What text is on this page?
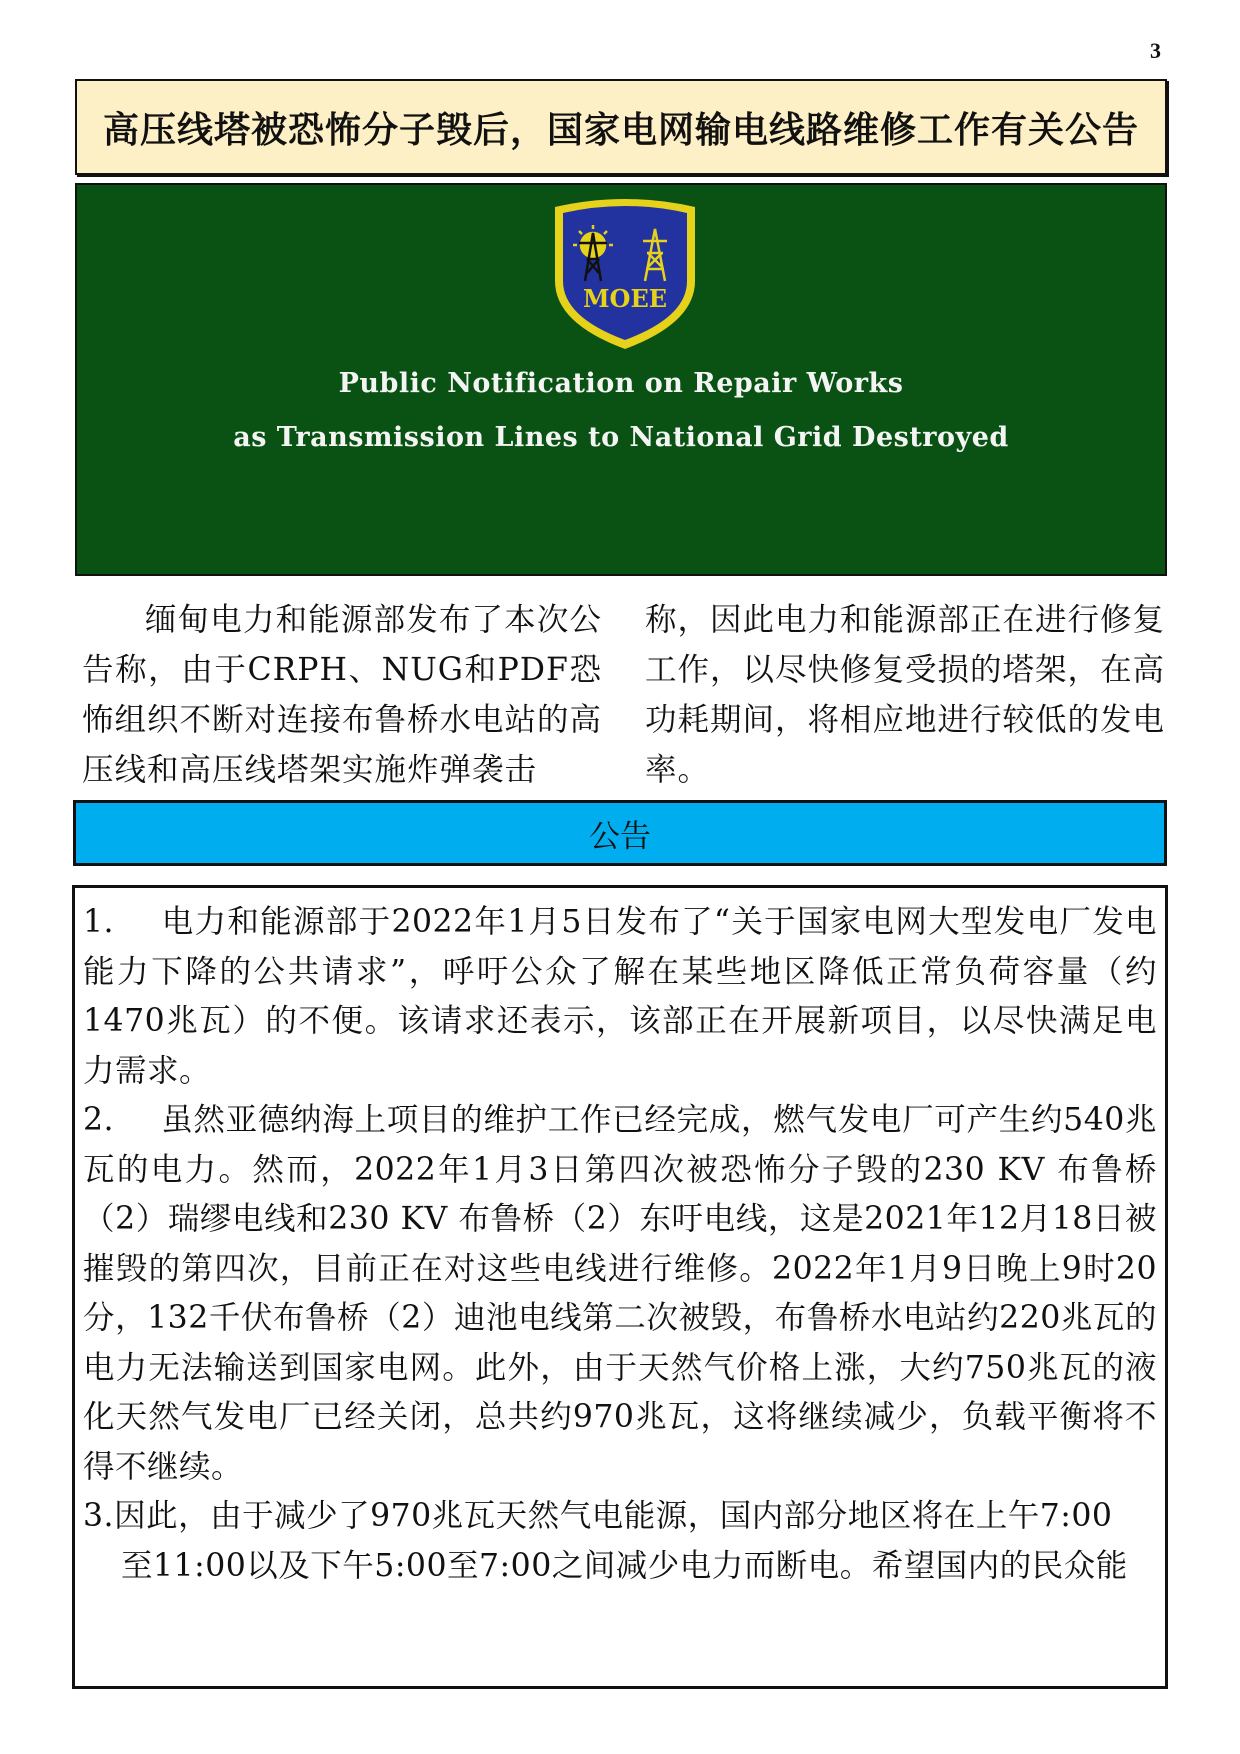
3
高压线塔被恐怖分子毁后，国家电网输电线路维修工作有关公告
MOEE
Public Notification on Repair Works
as Transmission Lines to National Grid Destroyed
缅甸电力和能源部发布了本次公告称，由于CRPH、NUG和PDF恐怖组织不断对连接布鲁桥水电站的高压线和高压线塔架实施炸弹袭击
称，因此电力和能源部正在进行修复工作，以尽快修复受损的塔架，在高功耗期间，将相应地进行较低的发电率。
公告

1. 电力和能源部于2022年1月5日发布了“关于国家电网大型发电厂发电能力下降的公共请求”，呼吁公众了解在某些地区降低正常负荷容量（约1470兆瓦）的不便。该请求还表示，该部正在开展新项目，以尽快满足电力需求。

2. 虽然亚德纳海上项目的维护工作已经完成，燃气发电厂可产生约540兆瓦的电力。然而，2022年1月3日第四次被恐怖分子毁的230 KV 布鲁桥（2）瑞缪电线和230 KV 布鲁桥（2）东吁电线，这是2021年12月18日被摧毁的第四次，目前正在对这些电线进行维修。2022年1月9日晚上9时20分，132千伏布鲁桥（2）迪池电线第二次被毁，布鲁桥水电站约220兆瓦的电力无法输送到国家电网。此外，由于天然气价格上涨，大约750兆瓦的液化天然气发电厂已经关闭，总共约970兆瓦，这将继续减少，负载平衡将不得不继续。

3.因此，由于减少了970兆瓦天然气电能源，国内部分地区将在上午7:00
至11:00以及下午5:00至7:00之间减少电力而断电。希望国内的民众能
